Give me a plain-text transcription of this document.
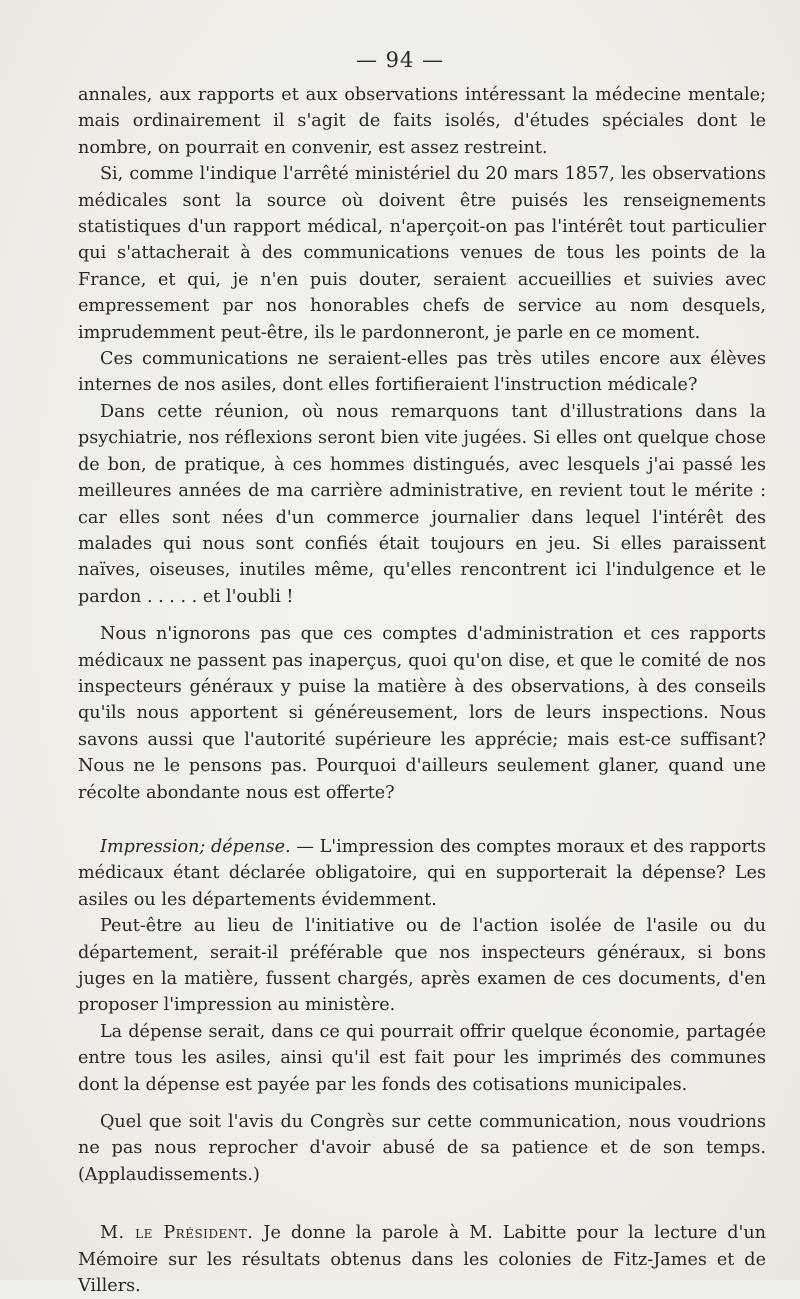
— 94 —

annales, aux rapports et aux observations intéressant la médecine mentale; mais ordinairement il s'agit de faits isolés, d'études spéciales dont le nombre, on pourrait en convenir, est assez restreint.

Si, comme l'indique l'arrêté ministériel du 20 mars 1857, les observations médicales sont la source où doivent être puisés les renseignements statistiques d'un rapport médical, n'aperçoit-on pas l'intérêt tout particulier qui s'attacherait à des communications venues de tous les points de la France, et qui, je n'en puis douter, seraient accueillies et suivies avec empressement par nos honorables chefs de service au nom desquels, imprudemment peut-être, ils le pardonneront, je parle en ce moment.

Ces communications ne seraient-elles pas très utiles encore aux élèves internes de nos asiles, dont elles fortifieraient l'instruction médicale?

Dans cette réunion, où nous remarquons tant d'illustrations dans la psychiatrie, nos réflexions seront bien vite jugées. Si elles ont quelque chose de bon, de pratique, à ces hommes distingués, avec lesquels j'ai passé les meilleures années de ma carrière administrative, en revient tout le mérite : car elles sont nées d'un commerce journalier dans lequel l'intérêt des malades qui nous sont confiés était toujours en jeu. Si elles paraissent naïves, oiseuses, inutiles même, qu'elles rencontrent ici l'indulgence et le pardon . . . . . et l'oubli !

Nous n'ignorons pas que ces comptes d'administration et ces rapports médicaux ne passent pas inaperçus, quoi qu'on dise, et que le comité de nos inspecteurs généraux y puise la matière à des observations, à des conseils qu'ils nous apportent si généreusement, lors de leurs inspections. Nous savons aussi que l'autorité supérieure les apprécie; mais est-ce suffisant? Nous ne le pensons pas. Pourquoi d'ailleurs seulement glaner, quand une récolte abondante nous est offerte?

Impression; dépense. — L'impression des comptes moraux et des rapports médicaux étant déclarée obligatoire, qui en supporterait la dépense? Les asiles ou les départements évidemment.

Peut-être au lieu de l'initiative ou de l'action isolée de l'asile ou du département, serait-il préférable que nos inspecteurs généraux, si bons juges en la matière, fussent chargés, après examen de ces documents, d'en proposer l'impression au ministère.

La dépense serait, dans ce qui pourrait offrir quelque économie, partagée entre tous les asiles, ainsi qu'il est fait pour les imprimés des communes dont la dépense est payée par les fonds des cotisations municipales.

Quel que soit l'avis du Congrès sur cette communication, nous voudrions ne pas nous reprocher d'avoir abusé de sa patience et de son temps. (Applaudissements.)

M. le Président. Je donne la parole à M. Labitte pour la lecture d'un Mémoire sur les résultats obtenus dans les colonies de Fitz-James et de Villers.
